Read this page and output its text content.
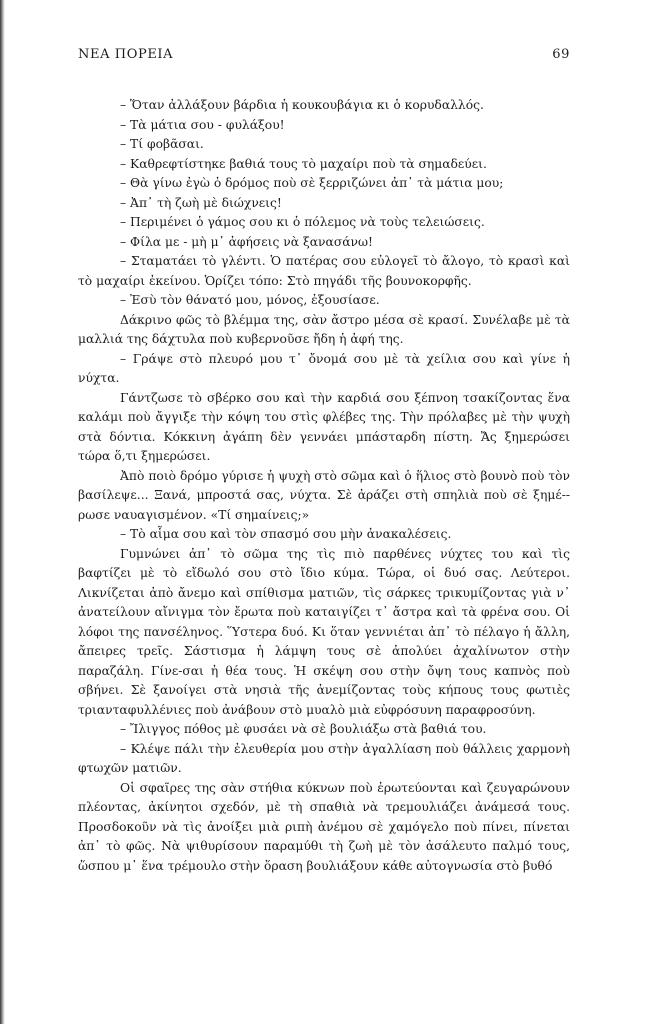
ΝΕΑ ΠΟΡΕΙΑ	69

– Ὅταν ἀλλάξουν βάρδια ἡ κουκουβάγια κι ὁ κορυδαλλός.

– Τὰ μάτια σου - φυλάξου!

– Τί φοβᾶσαι.

– Καθρεφτίστηκε βαθιά τους τὸ μαχαίρι ποὺ τὰ σημαδεύει.

– Θὰ γίνω ἐγὼ ὁ δρόμος ποὺ σὲ ξερριζώνει ἀπ᾽ τὰ μάτια μου;

– Ἀπ᾽ τὴ ζωὴ μὲ διώχνεις!

– Περιμένει ὁ γάμος σου κι ὁ πόλεμος νὰ τοὺς τελειώσεις.

– Φίλα με - μὴ μ᾽ ἀφήσεις νὰ ξανασάνω!

– Σταματάει τὸ γλέντι. Ὁ πατέρας σου εὐλογεῖ τὸ ἄλογο, τὸ κρασὶ καὶ τὸ μαχαίρι ἐκείνου. Ὁρίζει τόπο: Στὸ πηγάδι τῆς βουνοκορφῆς.

– Ἐσὺ τὸν θάνατό μου, μόνος, ἐξουσίασε.

Δάκρινο φῶς τὸ βλέμμα της, σὰν ἄστρο μέσα σὲ κρασί. Συνέλαβε μὲ τὰ μαλλιά της δάχτυλα ποὺ κυβερνοῦσε ἤδη ἡ ἀφή της.

– Γράψε στὸ πλευρό μου τ᾽ ὄνομά σου μὲ τὰ χείλια σου καὶ γίνε ἡ νύχτα.

Γάντζωσε τὸ σβέρκο σου καὶ τὴν καρδιά σου ξέπνοη τσακίζοντας ἕνα καλάμι ποὺ ἄγγιξε τὴν κόψη του στὶς φλέβες της. Τὴν πρόλαβες μὲ τὴν ψυχὴ στὰ δόντια. Κόκκινη ἀγάπη δὲν γεννάει μπάσταρδη πίστη. Ἄς ξημερώσει τώρα ὅ,τι ξημερώσει.

Ἀπὸ ποιὸ δρόμο γύρισε ἡ ψυχὴ στὸ σῶμα καὶ ὁ ἥλιος στὸ βουνὸ ποὺ τὸν βασίλεψε... Ξανά, μπροστά σας, νύχτα. Σὲ ἀράζει στὴ σπηλιὰ ποὺ σὲ ξημέ-ρωσε ναυαγισμένον. «Τί σημαίνεις;»

– Τὸ αἷμα σου καὶ τὸν σπασμό σου μὴν ἀνακαλέσεις.

Γυμνώνει ἀπ᾽ τὸ σῶμα της τὶς πιὸ παρθένες νύχτες του καὶ τὶς βαφτίζει μὲ τὸ εἴδωλό σου στὸ ἴδιο κύμα. Τώρα, οἱ δυό σας. Λεύτεροι. Λικνίζεται ἀπὸ ἄνεμο καὶ σπίθισμα ματιῶν, τὶς σάρκες τρικυμίζοντας γιὰ ν᾽ ἀνατείλουν αἴνιγμα τὸν ἔρωτα ποὺ καταιγίζει τ᾽ ἄστρα καὶ τὰ φρένα σου. Οἱ λόφοι της πανσέληνος. Ὕστερα δυό. Κι ὅταν γεννιέται ἀπ᾽ τὸ πέλαγο ἡ ἄλλη, ἄπειρες τρεῖς. Σάστισμα ἡ λάμψη τους σὲ ἀπολύει ἀχαλίνωτον στὴν παραζάλη. Γίνε-σαι ἡ θέα τους. Ἡ σκέψη σου στὴν ὄψη τους καπνὸς ποὺ σβήνει. Σὲ ξανοίγει στὰ νησιὰ τῆς ἀνεμίζοντας τοὺς κήπους τους φωτιὲς τριανταφυλλένιες ποὺ ἀνάβουν στὸ μυαλὸ μιὰ εὐφρόσυνη παραφροσύνη.

– Ἴλιγγος πόθος μὲ φυσάει νὰ σὲ βουλιάξω στὰ βαθιά του.

– Κλέψε πάλι τὴν ἐλευθερία μου στὴν ἀγαλλίαση ποὺ θάλλεις χαρμονὴ φτωχῶν ματιῶν.

Οἱ σφαῖρες της σὰν στήθια κύκνων ποὺ ἐρωτεύονται καὶ ζευγαρώνουν πλέοντας, ἀκίνητοι σχεδόν, μὲ τὴ σπαθιὰ νὰ τρεμουλιάζει ἀνάμεσά τους. Προσδοκοῦν νὰ τὶς ἀνοίξει μιὰ ριπὴ ἀνέμου σὲ χαμόγελο ποὺ πίνει, πίνεται ἀπ᾽ τὸ φῶς. Νὰ ψιθυρίσουν παραμύθι τὴ ζωὴ μὲ τὸν ἀσάλευτο παλμό τους, ὥσπου μ᾽ ἕνα τρέμουλο στὴν ὅραση βουλιάξουν κάθε αὐτογνωσία στὸ βυθό
